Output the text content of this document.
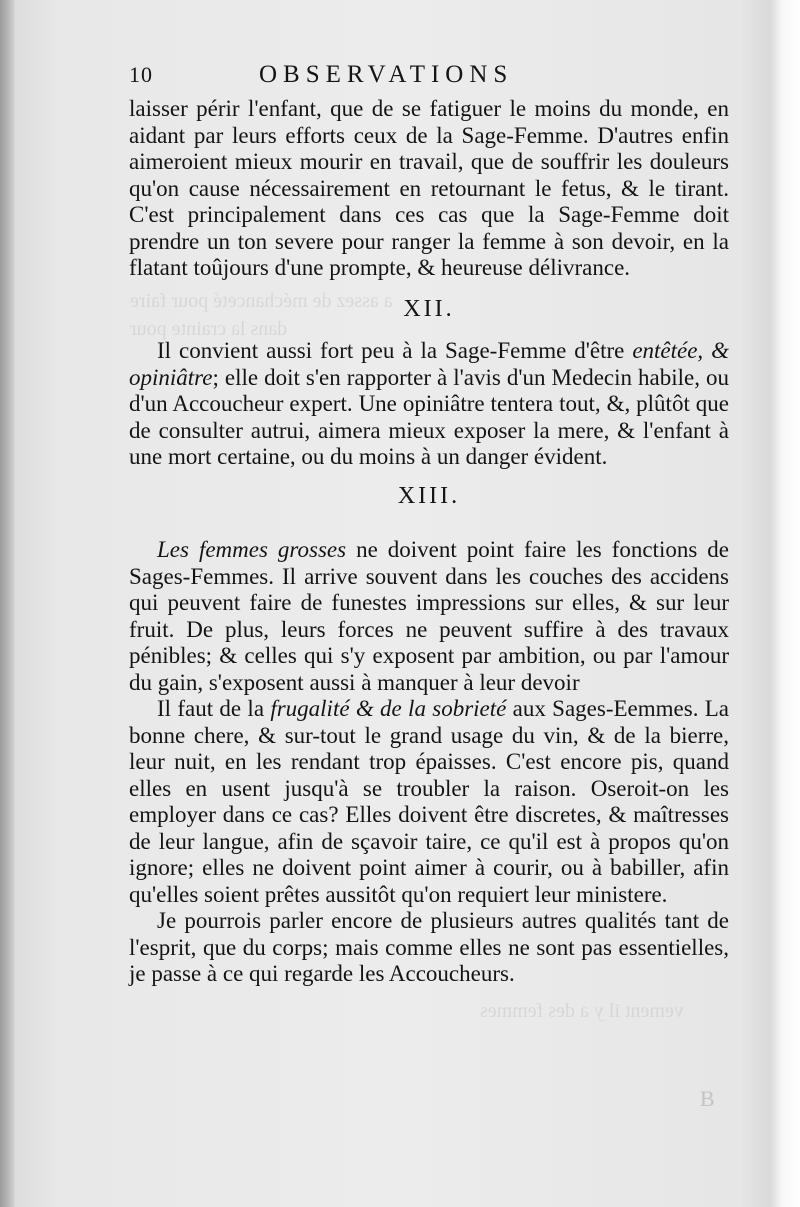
a assez de méchanceté pour faire
dans la crainte pour
vement il y a des femmes
10	OBSERVATIONS

laisser périr l'enfant, que de se fatiguer le moins du monde, en aidant par leurs efforts ceux de la Sage-Femme. D'autres enfin aimeroient mieux mourir en travail, que de souffrir les douleurs qu'on cause nécessairement en retournant le fetus, & le tirant. C'est principalement dans ces cas que la Sage-Femme doit prendre un ton severe pour ranger la femme à son devoir, en la flatant toûjours d'une prompte, & heureuse délivrance.

XII.

Il convient aussi fort peu à la Sage-Femme d'être entêtée, & opiniâtre; elle doit s'en rapporter à l'avis d'un Medecin habile, ou d'un Accoucheur expert. Une opiniâtre tentera tout, &, plûtôt que de consulter autrui, aimera mieux exposer la mere, & l'enfant à une mort certaine, ou du moins à un danger évident.

XIII.

Les femmes grosses ne doivent point faire les fonctions de Sages-Femmes. Il arrive souvent dans les couches des accidens qui peuvent faire de funestes impressions sur elles, & sur leur fruit. De plus, leurs forces ne peuvent suffire à des travaux pénibles; & celles qui s'y exposent par ambition, ou par l'amour du gain, s'exposent aussi à manquer à leur devoir

Il faut de la frugalité & de la sobrieté aux Sages-Eemmes. La bonne chere, & sur-tout le grand usage du vin, & de la bierre, leur nuit, en les rendant trop épaisses. C'est encore pis, quand elles en usent jusqu'à se troubler la raison. Oseroit-on les employer dans ce cas? Elles doivent être discretes, & maîtresses de leur langue, afin de sçavoir taire, ce qu'il est à propos qu'on ignore; elles ne doivent point aimer à courir, ou à babiller, afin qu'elles soient prêtes aussitôt qu'on requiert leur ministere.

Je pourrois parler encore de plusieurs autres qualités tant de l'esprit, que du corps; mais comme elles ne sont pas essentielles, je passe à ce qui regarde les Accoucheurs.

B
